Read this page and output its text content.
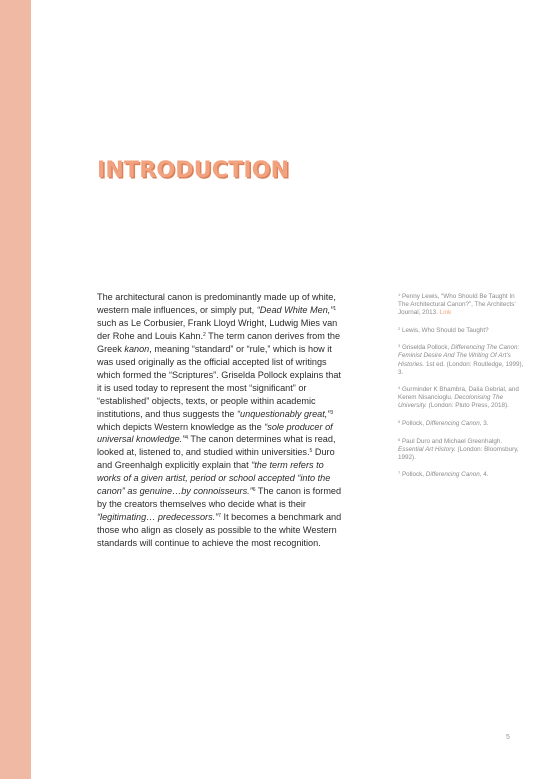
INTRODUCTION

The architectural canon is predominantly made up of white, western male influences, or simply put, “Dead White Men,”$^1$ such as Le Corbusier, Frank Lloyd Wright, Ludwig Mies van der Rohe and Louis Kahn.$^2$ The term canon derives from the Greek kanon, meaning “standard” or “rule,” which is how it was used originally as the official accepted list of writings which formed the “Scriptures”. Griselda Pollock explains that it is used today to represent the most “significant” or “established” objects, texts, or people within academic institutions, and thus suggests the “unquestionably great,”$^3$ which depicts Western knowledge as the “sole producer of universal knowledge.”$^4$ The canon determines what is read, looked at, listened to, and studied within universities.$^5$ Duro and Greenhalgh explicitly explain that “the term refers to works of a given artist, period or school accepted “into the canon” as genuine…by connoisseurs.”$^6$ The canon is formed by the creators themselves who decide what is their “legitimating… predecessors.”$^7$ It becomes a benchmark and those who align as closely as possible to the white Western standards will continue to achieve the most recognition.

$^1$ Penny Lewis, “Who Should Be Taught In The Architectural Canon?”, The Architects’ Journal, 2013. Link

$^2$ Lewis, Who Should be Taught?

$^3$ Griselda Pollock, Differencing The Canon: Feminist Desire And The Writing Of Art’s Histories. 1st ed. (London: Routledge, 1999), 3.

$^4$ Gurminder K Bhambra, Dalia Gebrial, and Kerem Nisancioglu. Decolonising The University. (London: Pluto Press, 2018).

$^5$ Pollock, Differencing Canon, 3.

$^6$ Paul Duro and Michael Greenhalgh. Essential Art History. (London: Bloomsbury, 1992).

$^7$ Pollock, Differencing Canon, 4.

5
